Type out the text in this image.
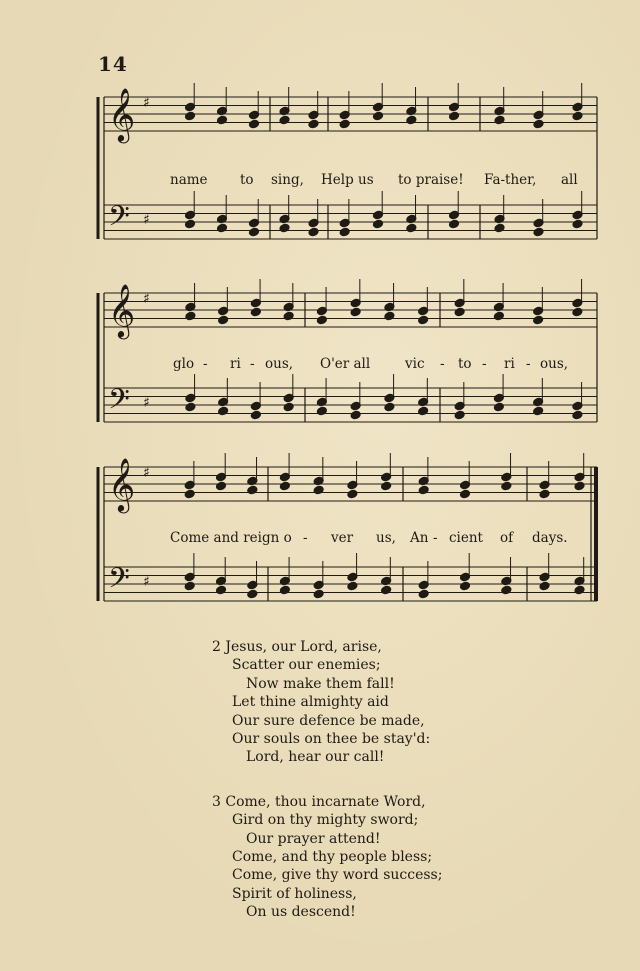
14
𝄞
𝄢
♯
♯
𝄞
𝄢
♯
♯
𝄞
𝄢
♯
♯
name to sing, Help us to praise! Fa-ther, all
glo - ri - ous, O'er all	vic - to - ri - ous,
Come and reign o - ver us, An - cient of days.
2 Jesus, our Lord, arise,
Scatter our enemies;
Now make them fall!
Let thine almighty aid
Our sure defence be made,
Our souls on thee be stay'd:
Lord, hear our call!
3 Come, thou incarnate Word,
Gird on thy mighty sword;
Our prayer attend!
Come, and thy people bless;
Come, give thy word success;
Spirit of holiness,
On us descend!
